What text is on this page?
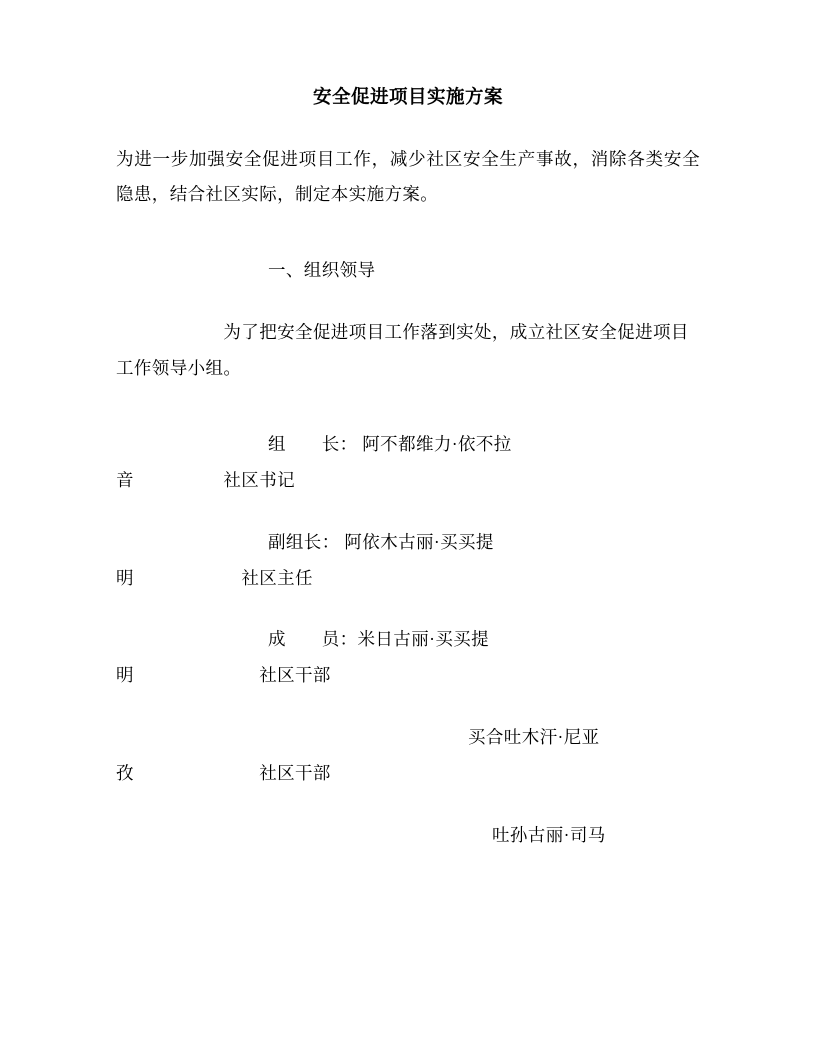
安全促进项目实施方案

为进一步加强安全促进项目工作，减少社区安全生产事故，消除各类安全隐患，结合社区实际，制定本实施方案。

一、组织领导

　　　　　　为了把安全促进项目工作落到实处，成立社区安全促进项目工作领导小组。

组　　长： 阿不都维力·依不拉

音　　　　　	社区书记

副组长： 阿依木古丽·买买提

明　　　　　　	社区主任

成　　员：米日古丽·买买提

明　　　　　　　	社区干部

买合吐木汗·尼亚

孜　　　　　　　	社区干部

吐孙古丽·司马
